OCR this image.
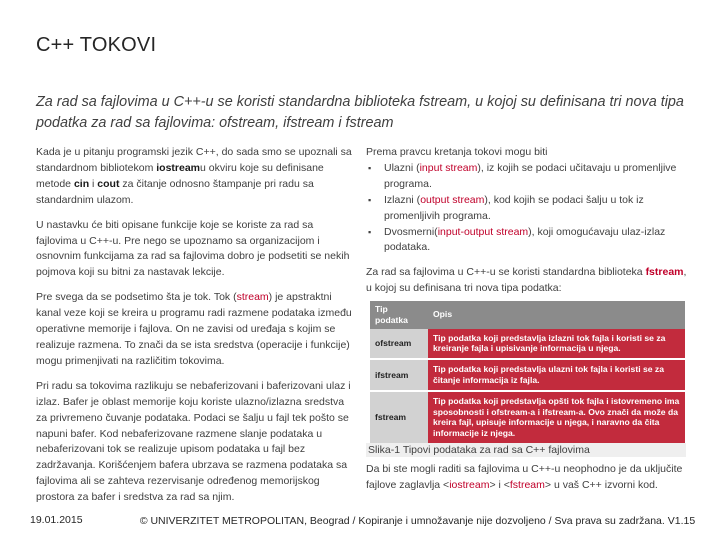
C++ TOKOVI
Za rad sa fajlovima u C++-u se koristi standardna biblioteka fstream, u kojoj su definisana tri nova tipa podatka za rad sa fajlovima: ofstream, ifstream i fstream

Kada je u pitanju programski jezik C++, do sada smo se upoznali sa standardnom bibliotekom iostreamu okviru koje su definisane metode cin i cout za čitanje odnosno štampanje pri radu sa standardnim ulazom.

U nastavku će biti opisane funkcije koje se koriste za rad sa fajlovima u C++-u. Pre nego se upoznamo sa organizacijom i osnovnim funkcijama za rad sa fajlovima dobro je podsetiti se nekih pojmova koji su bitni za nastavak lekcije.

Pre svega da se podsetimo šta je tok. Tok (stream) je apstraktni kanal veze koji se kreira u programu radi razmene podataka između operativne memorije i fajlova. On ne zavisi od uređaja s kojim se realizuje razmena. To znači da se ista sredstva (operacije i funkcije) mogu primenjivati na različitim tokovima.

Pri radu sa tokovima razlikuju se nebaferizovani i baferizovani ulaz i izlaz. Bafer je oblast memorije koju koriste ulazno/izlazna sredstva za privremeno čuvanje podataka. Podaci se šalju u fajl tek pošto se napuni bafer. Kod nebaferizovane razmene slanje podataka u nebaferizovani tok se realizuje upisom podataka u fajl bez zadržavanja. Korišćenjem bafera ubrzava se razmena podataka sa fajlovima ali se zahteva rezervisanje određenog memorijskog prostora za bafer i sredstva za rad sa njim.

Prema pravcu kretanja tokovi mogu biti

▪ Ulazni (input stream), iz kojih se podaci učitavaju u promenljive programa.
▪ Izlazni (output stream), kod kojih se podaci šalju u tok iz promenljivih programa.
▪ Dvosmerni(input-output stream), koji omogućavaju ulaz-izlaz podataka.

Za rad sa fajlovima u C++-u se koristi standardna biblioteka fstream, u kojoj su definisana tri nova tipa podatka:

Tip podatka	Opis
ofstream	Tip podatka koji predstavlja izlazni tok fajla i koristi se za kreiranje fajla i upisivanje informacija u njega.
ifstream	Tip podatka koji predstavlja ulazni tok fajla i koristi se za čitanje informacija iz fajla.
fstream	Tip podatka koji predstavlja opšti tok fajla i istovremeno ima sposobnosti i ofstream-a i ifstream-a. Ovo znači da može da kreira fajl, upisuje informacije u njega, i naravno da čita informacije iz njega.
Slika-1 Tipovi podataka za rad sa C++ fajlovima
Da bi ste mogli raditi sa fajlovima u C++-u neophodno je da uključite fajlove zaglavlja <iostream> i <fstream> u vaš C++ izvorni kod.
19.01.2015	© UNIVERZITET METROPOLITAN, Beograd / Kopiranje i umnožavanje nije dozvoljeno / Sva prava su zadržana. V1.15
